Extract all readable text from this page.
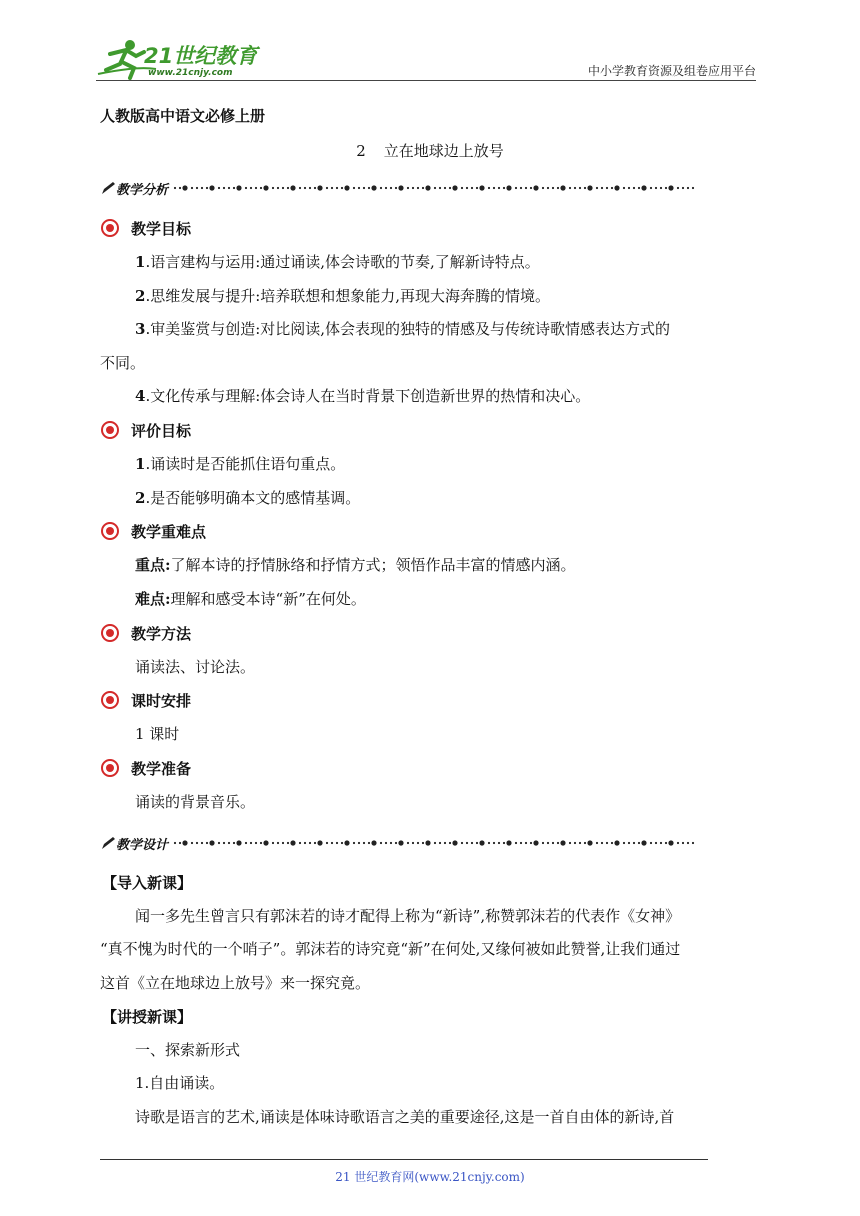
21世纪教育
www.21cnjy.com	中小学教育资源及组卷应用平台
人教版高中语文必修上册
2 立在地球边上放号
教学分析
教学目标
1.语言建构与运用:通过诵读,体会诗歌的节奏,了解新诗特点。
2.思维发展与提升:培养联想和想象能力,再现大海奔腾的情境。
3.审美鉴赏与创造:对比阅读,体会表现的独特的情感及与传统诗歌情感表达方式的
不同。
4.文化传承与理解:体会诗人在当时背景下创造新世界的热情和决心。
评价目标
1.诵读时是否能抓住语句重点。
2.是否能够明确本文的感情基调。
教学重难点
重点:了解本诗的抒情脉络和抒情方式；领悟作品丰富的情感内涵。
难点:理解和感受本诗“新”在何处。
教学方法
诵读法、讨论法。
课时安排
1 课时
教学准备
诵读的背景音乐。
教学设计
【导入新课】
闻一多先生曾言只有郭沫若的诗才配得上称为“新诗”,称赞郭沫若的代表作《女神》
“真不愧为时代的一个哨子”。郭沫若的诗究竟“新”在何处,又缘何被如此赞誉,让我们通过
这首《立在地球边上放号》来一探究竟。
【讲授新课】
一、探索新形式
1.自由诵读。
诗歌是语言的艺术,诵读是体味诗歌语言之美的重要途径,这是一首自由体的新诗,首
21 世纪教育网(www.21cnjy.com)
